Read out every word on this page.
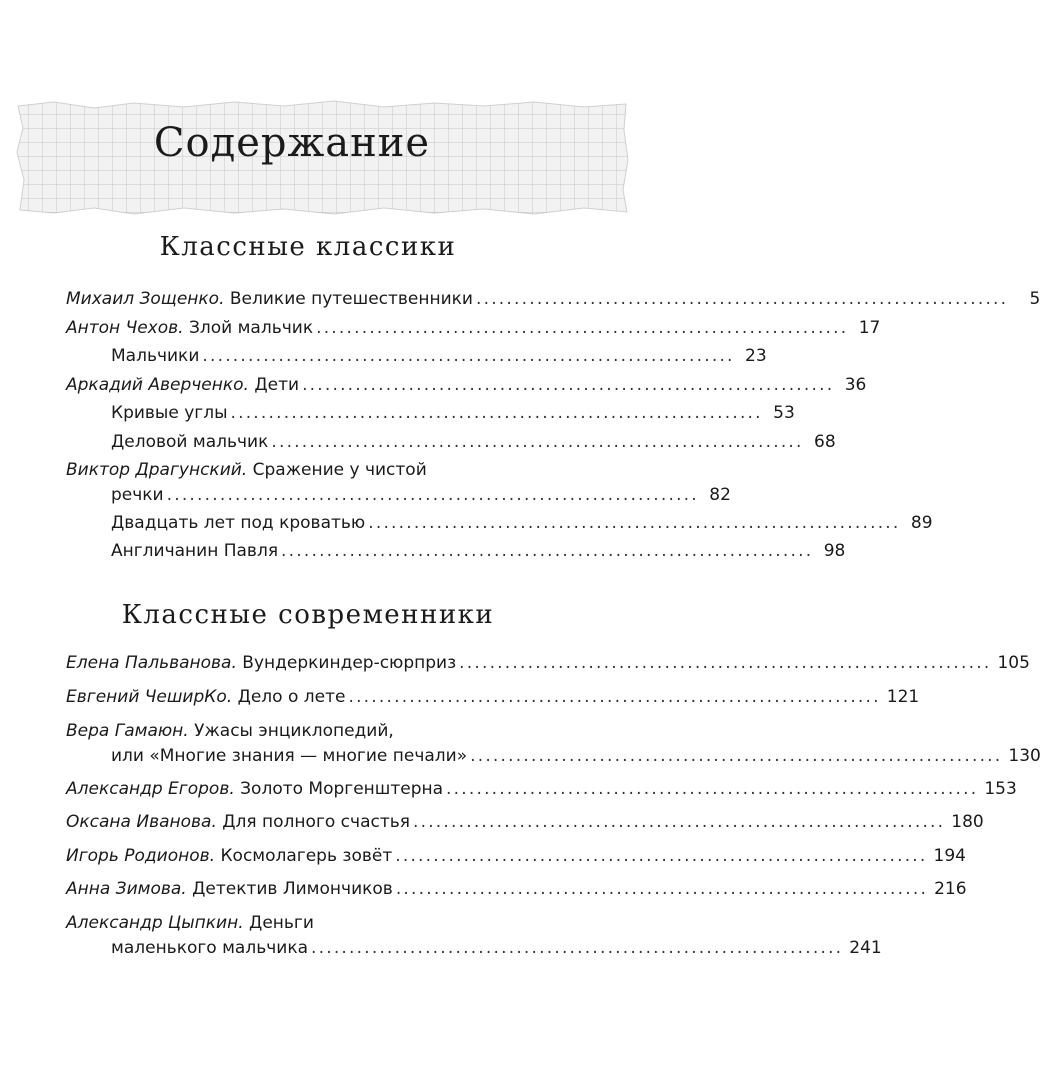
Содержание
Классные классики
Михаил Зощенко.
Великие путешественники ......................................................................	5
Антон Чехов.
Злой мальчик ...................................................................... 17
Мальчики ...................................................................... 23
Аркадий Аверченко.
Дети ...................................................................... 36
Кривые углы ...................................................................... 53
Деловой мальчик ...................................................................... 68
Виктор Драгунский.
Сражение у чистой
речки ...................................................................... 82
Двадцать лет под кроватью ...................................................................... 89
Англичанин Павля ...................................................................... 98
Классные современники
Елена Пальванова.
Вундеркиндер-сюрприз ...................................................................... 105
Евгений ЧеширКо.
Дело о лете ...................................................................... 121
Вера Гамаюн.
Ужасы энциклопедий,
или «Многие знания — многие печали» ...................................................................... 130
Александр Егоров.
Золото Моргенштерна ...................................................................... 153
Оксана Иванова.
Для полного счастья ...................................................................... 180
Игорь Родионов.
Космолагерь зовёт ...................................................................... 194
Анна Зимова.
Детектив Лимончиков ...................................................................... 216
Александр Цыпкин.
Деньги
маленького мальчика ...................................................................... 241
